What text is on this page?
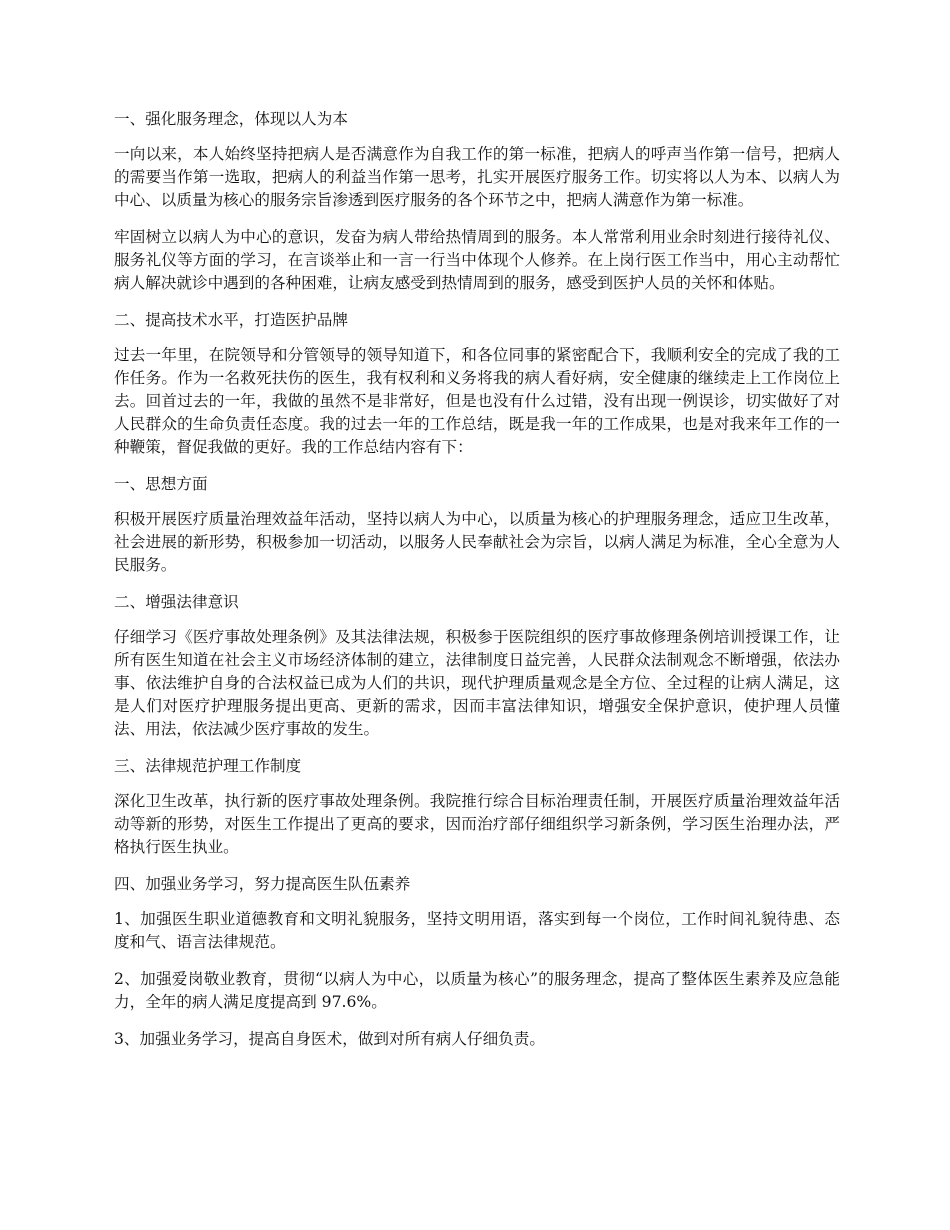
一、强化服务理念，体现以人为本

一向以来，本人始终坚持把病人是否满意作为自我工作的第一标准，把病人的呼声当作第一信号，把病人的需要当作第一选取，把病人的利益当作第一思考，扎实开展医疗服务工作。切实将以人为本、以病人为中心、以质量为核心的服务宗旨渗透到医疗服务的各个环节之中，把病人满意作为第一标准。

牢固树立以病人为中心的意识，发奋为病人带给热情周到的服务。本人常常利用业余时刻进行接待礼仪、服务礼仪等方面的学习，在言谈举止和一言一行当中体现个人修养。在上岗行医工作当中，用心主动帮忙病人解决就诊中遇到的各种困难，让病友感受到热情周到的服务，感受到医护人员的关怀和体贴。

二、提高技术水平，打造医护品牌

过去一年里，在院领导和分管领导的领导知道下，和各位同事的紧密配合下，我顺利安全的完成了我的工作任务。作为一名救死扶伤的医生，我有权利和义务将我的病人看好病，安全健康的继续走上工作岗位上去。回首过去的一年，我做的虽然不是非常好，但是也没有什么过错，没有出现一例误诊，切实做好了对人民群众的生命负责任态度。我的过去一年的工作总结，既是我一年的工作成果，也是对我来年工作的一种鞭策，督促我做的更好。我的工作总结内容有下：

一、思想方面

积极开展医疗质量治理效益年活动，坚持以病人为中心，以质量为核心的护理服务理念，适应卫生改革，社会进展的新形势，积极参加一切活动，以服务人民奉献社会为宗旨，以病人满足为标准，全心全意为人民服务。

二、增强法律意识

仔细学习《医疗事故处理条例》及其法律法规，积极参于医院组织的医疗事故修理条例培训授课工作，让所有医生知道在社会主义市场经济体制的建立，法律制度日益完善，人民群众法制观念不断增强，依法办事、依法维护自身的合法权益已成为人们的共识，现代护理质量观念是全方位、全过程的让病人满足，这是人们对医疗护理服务提出更高、更新的需求，因而丰富法律知识，增强安全保护意识，使护理人员懂法、用法，依法减少医疗事故的发生。

三、法律规范护理工作制度

深化卫生改革，执行新的医疗事故处理条例。我院推行综合目标治理责任制，开展医疗质量治理效益年活动等新的形势，对医生工作提出了更高的要求，因而治疗部仔细组织学习新条例，学习医生治理办法，严格执行医生执业。

四、加强业务学习，努力提高医生队伍素养

1、加强医生职业道德教育和文明礼貌服务，坚持文明用语，落实到每一个岗位，工作时间礼貌待患、态度和气、语言法律规范。

2、加强爱岗敬业教育，贯彻“以病人为中心，以质量为核心”的服务理念，提高了整体医生素养及应急能力，全年的病人满足度提高到 97.6%。

3、加强业务学习，提高自身医术，做到对所有病人仔细负责。
